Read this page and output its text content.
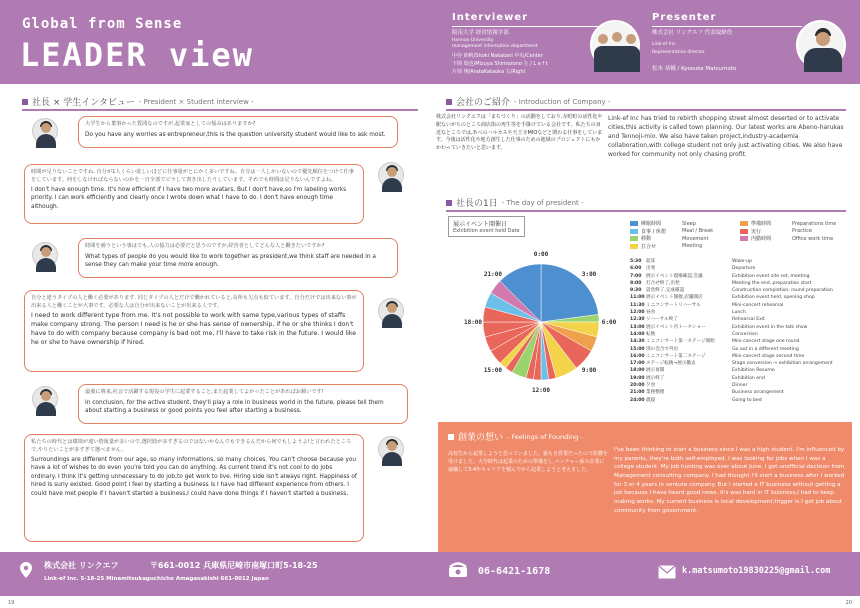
Global from Sense
LEADER view
社長 × 学生インタビュー - President × Student interview -
大学生から董事かった質問なのですが,起業家としての悩みはありますか?
Do you have any worries as entrepreneur,this is the question university student would like to ask most.
時間が足りないことですね. 自分が1人くらい欲しいほどに仕事量がとにかく多いですね。自分は一人しかいないので優先順位をつけて仕事をしています。何をしなければならないのかを一日全部でビラして書き出したりしています。それでも時間は足りないんですよね。
I don't have enough time. It's how efficient if I have two more avatars. But I don't have,so I'm labeling works priority. I can work efficiently and clearly once I wrote down what I have to do. I don't have enough time although.
時間を補うという事はでも,人の協力は必要だと思うのですが,経営者としてどんな人と働きたいですか?
What types of people do you would like to work together as president,we think staff are needed in a sense they can make your time more enough.
自分と違うタイプの人と働く必要があります. 同じタイプの人とだけで働かれていると,長所も欠点も似ています。自分だけでは出来ない事が出来る人と働くことが大事です。必要な人は自分が出来ないことが出来る人です。
I need to work different type from me. It's not possible to work with same type,various types of staffs make company strong. The person I need is he or she has sense of ownership, if he or she thinks I don't have to do with company because company is bad not me, I'll have to take risk in the future. I would like he or she to have ownership if hired.
最後に将来,社会で活躍する現役の学生に起業すること,また起業してよかったことがあればお願いです!
In conclusion, for the active student, they'll play a role in business world in the future, please tell them about starting a business or good points you feel after starting a business.
私たちの時代とは環境が違い情報量が多いので,選択肢が多すぎるのではないかなんでもできるんだから何でもしようよ!と言われたところで,やりたいことが多すぎて選べません。
Surroundings are different from our age, so many informations, so many choices. You can't choose because you have a lot of wishes to do even you're told you can do anything. As current trend it's not cool to do jobs ordinary. I think it's getting unnecessary to do job,to get work to live. Hiring side isn't always right. Happiness of hired is surly existed. Good point I feel by starting a business is I have had different experience from others. I could have met people if I haven't started a business,I could have done things if I haven't started a business.
株式会社 リンクエフ	〒661-0012 兵庫県尼崎市南塚口町5-18-25
Link-ef Inc. 5-18-25 Minamitsukaguchicho Amagasakishi 661-0012 Japan
19
Interviewer
阪南大学 経営情報学部
Hannan University
management information department
中谷 紗帆/Shoki Nakatani 中央/Center
下間 瑞也/Mizuya Shimozono 左 / L e f t
片岡 翔/ArataKataoka 右/Right
Presenter
株式会社 リンクエフ 代表取締役
Link-ef Inc.
Representative director
松本 恭輔 / Kyosuke Matsumoto
会社のご紹介 - Introduction of Company -
株式会社リンクエフは「まちづくり」の活動をしており,寺町町の活性化や駅ないがちのところ商店街の再生等を手掛けている会社です。私たちの身近なところでは,あべのハルカスや天王寺MIOなどと関わる仕事をしています。今後は活性化や地方創生した仕事のための地域のプロジェクトにもかかわっていきたいと思います。
Link-ef Inc has tried to rebirth shopping street almost deserted or to activate cities,this activity is called town planning. Our latest works are Abeno-harukas and Tennoji-mio. We also have taken project,industry-academia collaboration,with college student not only just activating cities. We also have worked for community not only chasing profit.
社長の1日 - The day of president -
展示イベント開催日
Exhibition event held Date
0:00
3:00
6:00
9:00
12:00
15:00
18:00
21:00
睡眠時間	Sleep
食事 / 休憩	Meal / Break
移動	Movement
打合せ	Meeting
準備時間	Preparations time
実行	Practice
内勤時間	Office work time
5:30 起床	Wake-up
6:00 出発	Departure
7:00 展示イベント現場確認,会議	Exhibition event site set, meeting
8:00 打合せ終了,出発	Meeting the end, preparation start
9:30 設営終了,完成確認	Construction completion, round preparation
11:00 展示イベント開催,店舗開店	Exhibition event held, opening shop
11:30 ミニコンサートリハーサル	Mini-concert rehearsal
12:00 昼食	Lunch
12:30 リハーサル終了	Rehearsal Exit
13:00 展示イベント内トークショー	Exhibition event in the talk show
14:00 転換	Conversion
14:30 ミニコンサート第一ステージ開始	Mini-concert stage one round
15:00 別の会合で外出	Go out in a different meeting
16:00 ミニコンサート第二ステージ	Mini-concert stage second time
17:00 ステージ転換→展示撤去	Stage conversion → exhibition arrangement
18:00 展示再開	Exhibition Resume
19:00 展示終了	Exhibition end
20:00 夕食	Dinner
21:00 業務整理	Business arrangement
24:00 就寝	Going to bed
創業の想い - Feelings of Founding -
高校生から起業しようと思っていました。親も自営業だったので影響を受けました。大学時代は起業のための準備をし,ベンチャー系の企業に就職して3-4年キャリアを積んでから起業しようと考えました。
I've been thinking to start a business since I was a high student. I'm influenced by my parents, they're both self-employed. I was looking for jobs when I was a college student. My job hunting was over about June. I got unofficial decision from Management consulting company. I had thought I'll start a business after I worked for 3 or 4 years in venture company. But I started a IT business without getting a job because I have heard good news. It's was hard in IT business,I had to keep making works. My current business is local development,trigger is I got job about community from government.
06-6421-1678	k.matsumoto19830225@gmail.com
20
